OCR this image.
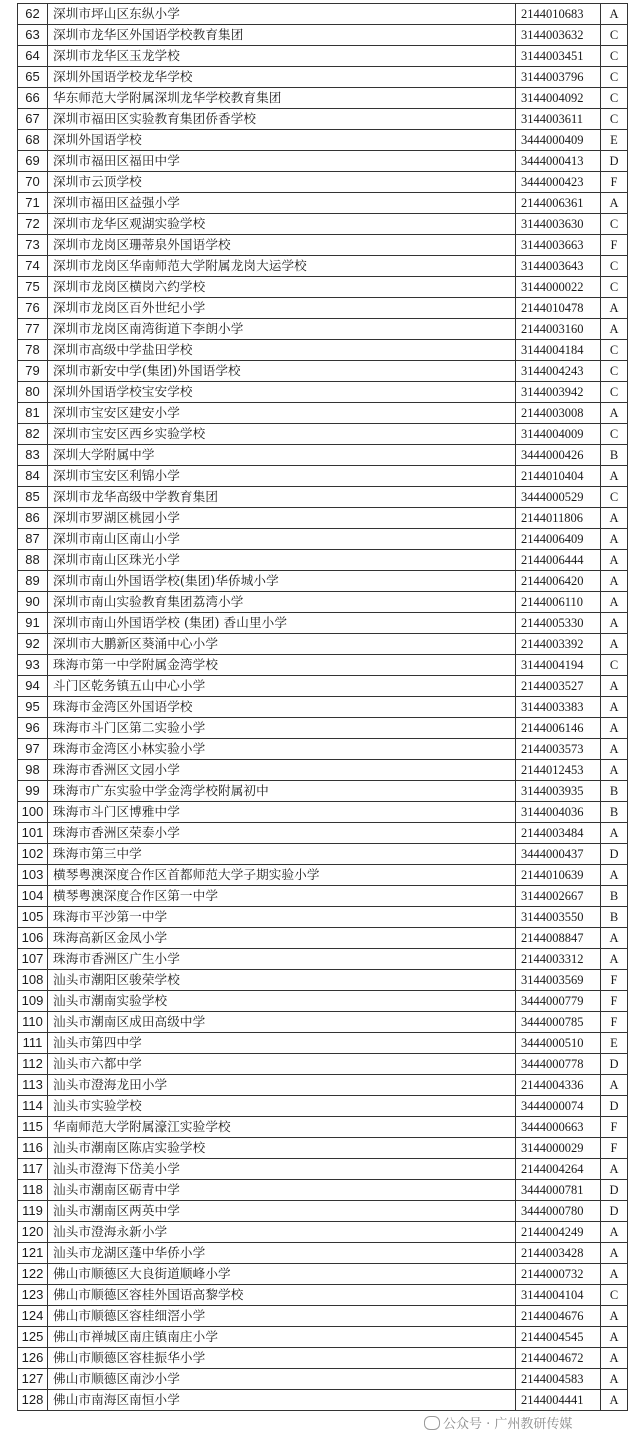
62	深圳市坪山区东纵小学	2144010683	A
63	深圳市龙华区外国语学校教育集团	3144003632	C
64	深圳市龙华区玉龙学校	3144003451	C
65	深圳外国语学校龙华学校	3144003796	C
66	华东师范大学附属深圳龙华学校教育集团	3144004092	C
67	深圳市福田区实验教育集团侨香学校	3144003611	C
68	深圳外国语学校	3444000409	E
69	深圳市福田区福田中学	3444000413	D
70	深圳市云顶学校	3444000423	F
71	深圳市福田区益强小学	2144006361	A
72	深圳市龙华区观湖实验学校	3144003630	C
73	深圳市龙岗区珊蒂泉外国语学校	3144003663	F
74	深圳市龙岗区华南师范大学附属龙岗大运学校	3144003643	C
75	深圳市龙岗区横岗六约学校	3144000022	C
76	深圳市龙岗区百外世纪小学	2144010478	A
77	深圳市龙岗区南湾街道下李朗小学	2144003160	A
78	深圳市高级中学盐田学校	3144004184	C
79	深圳市新安中学(集团)外国语学校	3144004243	C
80	深圳外国语学校宝安学校	3144003942	C
81	深圳市宝安区建安小学	2144003008	A
82	深圳市宝安区西乡实验学校	3144004009	C
83	深圳大学附属中学	3444000426	B
84	深圳市宝安区利锦小学	2144010404	A
85	深圳市龙华高级中学教育集团	3444000529	C
86	深圳市罗湖区桃园小学	2144011806	A
87	深圳市南山区南山小学	2144006409	A
88	深圳市南山区珠光小学	2144006444	A
89	深圳市南山外国语学校(集团)华侨城小学	2144006420	A
90	深圳市南山实验教育集团荔湾小学	2144006110	A
91	深圳市南山外国语学校 (集团) 香山里小学	2144005330	A
92	深圳市大鹏新区葵涌中心小学	2144003392	A
93	珠海市第一中学附属金湾学校	3144004194	C
94	斗门区乾务镇五山中心小学	2144003527	A
95	珠海市金湾区外国语学校	3144003383	A
96	珠海市斗门区第二实验小学	2144006146	A
97	珠海市金湾区小林实验小学	2144003573	A
98	珠海市香洲区文园小学	2144012453	A
99	珠海市广东实验中学金湾学校附属初中	3144003935	B
100	珠海市斗门区博雅中学	3144004036	B
101	珠海市香洲区荣泰小学	2144003484	A
102	珠海市第三中学	3444000437	D
103	横琴粤澳深度合作区首都师范大学子期实验小学	2144010639	A
104	横琴粤澳深度合作区第一中学	3144002667	B
105	珠海市平沙第一中学	3144003550	B
106	珠海高新区金凤小学	2144008847	A
107	珠海市香洲区广生小学	2144003312	A
108	汕头市潮阳区骏荣学校	3144003569	F
109	汕头市潮南实验学校	3444000779	F
110	汕头市潮南区成田高级中学	3444000785	F
111	汕头市第四中学	3444000510	E
112	汕头市六都中学	3444000778	D
113	汕头市澄海龙田小学	2144004336	A
114	汕头市实验学校	3444000074	D
115	华南师范大学附属濠江实验学校	3444000663	F
116	汕头市潮南区陈店实验学校	3144000029	F
117	汕头市澄海下岱美小学	2144004264	A
118	汕头市潮南区砺青中学	3444000781	D
119	汕头市潮南区两英中学	3444000780	D
120	汕头市澄海永新小学	2144004249	A
121	汕头市龙湖区蓬中华侨小学	2144003428	A
122	佛山市顺德区大良街道顺峰小学	2144000732	A
123	佛山市顺德区容桂外国语高黎学校	3144004104	C
124	佛山市顺德区容桂细滘小学	2144004676	A
125	佛山市禅城区南庄镇南庄小学	2144004545	A
126	佛山市顺德区容桂振华小学	2144004672	A
127	佛山市顺德区南沙小学	2144004583	A
128	佛山市南海区南恒小学	2144004441	A
公众号 · 广州教研传媒
